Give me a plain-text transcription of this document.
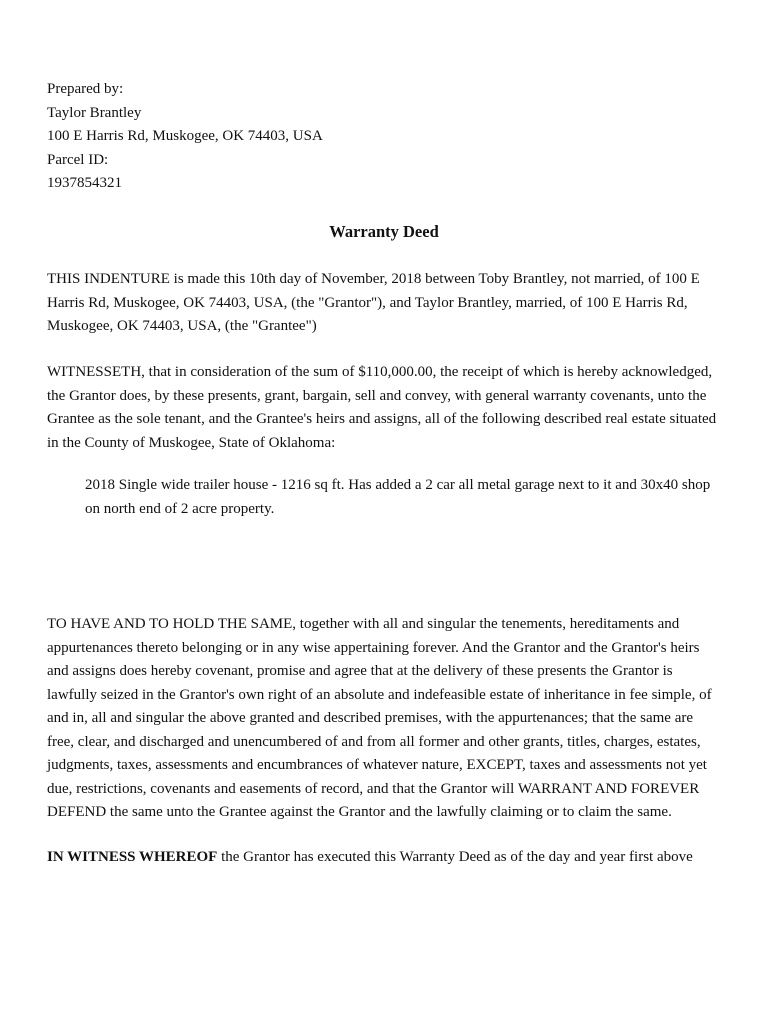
Prepared by:
Taylor Brantley
100 E Harris Rd, Muskogee, OK 74403, USA
Parcel ID:
1937854321
Warranty Deed

THIS INDENTURE is made this 10th day of November, 2018 between Toby Brantley, not married, of 100 E Harris Rd, Muskogee, OK 74403, USA, (the "Grantor"), and Taylor Brantley, married, of 100 E Harris Rd, Muskogee, OK 74403, USA, (the "Grantee")

WITNESSETH, that in consideration of the sum of $110,000.00, the receipt of which is hereby acknowledged, the Grantor does, by these presents, grant, bargain, sell and convey, with general warranty covenants, unto the Grantee as the sole tenant, and the Grantee's heirs and assigns, all of the following described real estate situated in the County of Muskogee, State of Oklahoma:

2018 Single wide trailer house - 1216 sq ft. Has added a 2 car all metal garage next to it and 30x40 shop on north end of 2 acre property.

TO HAVE AND TO HOLD THE SAME, together with all and singular the tenements, hereditaments and appurtenances thereto belonging or in any wise appertaining forever. And the Grantor and the Grantor's heirs and assigns does hereby covenant, promise and agree that at the delivery of these presents the Grantor is lawfully seized in the Grantor's own right of an absolute and indefeasible estate of inheritance in fee simple, of and in, all and singular the above granted and described premises, with the appurtenances; that the same are free, clear, and discharged and unencumbered of and from all former and other grants, titles, charges, estates, judgments, taxes, assessments and encumbrances of whatever nature, EXCEPT, taxes and assessments not yet due, restrictions, covenants and easements of record, and that the Grantor will WARRANT AND FOREVER DEFEND the same unto the Grantee against the Grantor and the lawfully claiming or to claim the same.

IN WITNESS WHEREOF the Grantor has executed this Warranty Deed as of the day and year first above
